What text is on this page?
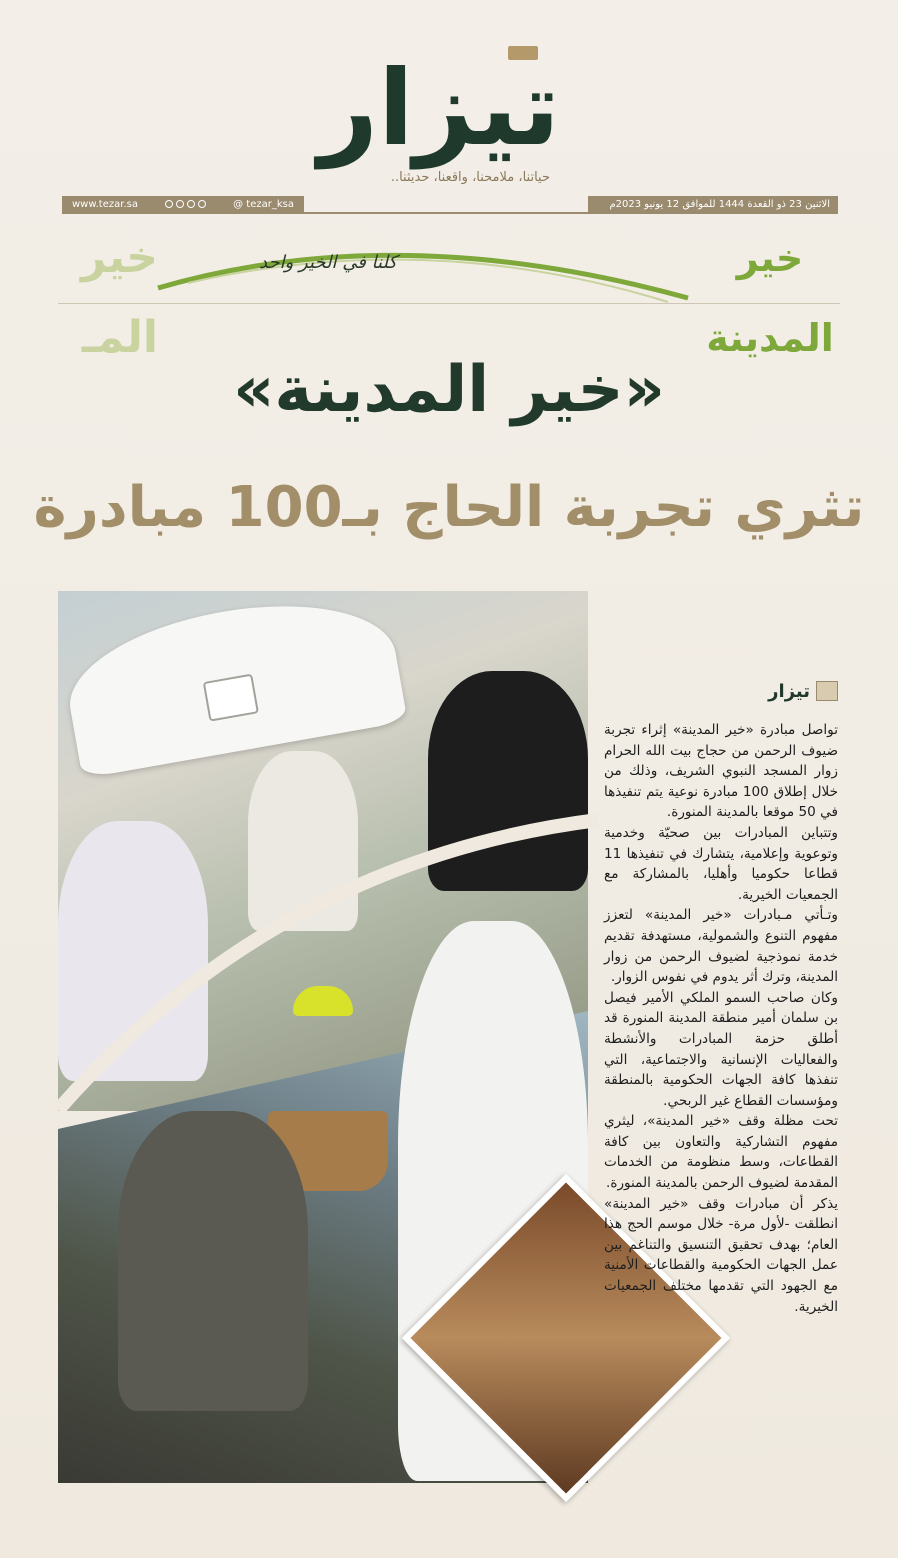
تيزار
حياتنا، ملامحنا، واقعنا، حديثنا..
www.tezar.sa	@ tezar_ksa	الاثنين 23 ذو القعدة 1444 للموافق 12 يونيو 2023م
خير المـ
كلنا في الخير واحد	خير المدينة
«خير المدينة»
تثري تجربة الحاج بـ100 مبادرة
تيزار

تواصل مبادرة «خير المدينة» إثراء تجربة ضيوف الرحمن من حجاج بيت الله الحرام زوار المسجد النبوي الشريف، وذلك من خلال إطلاق 100 مبادرة نوعية يتم تنفيذها في 50 موقعا بالمدينة المنورة.

وتتباين المبادرات بين صحيّة وخدمية وتوعوية وإعلامية، يتشارك في تنفيذها 11 قطاعا حكوميا وأهليا، بالمشاركة مع الجمعيات الخيرية.

وتـأتي مـبادرات «خير المدينة» لتعزز مفهوم التنوع والشمولية، مستهدفة تقديم خدمة نموذجية لضيوف الرحمن من زوار المدينة، وترك أثر يدوم في نفوس الزوار.

وكان صاحب السمو الملكي الأمير فيصل بن سلمان أمير منطقة المدينة المنورة قد أطلق حزمة المبادرات والأنشطة والفعاليات الإنسانية والاجتماعية، التي تنفذها كافة الجهات الحكومية بالمنطقة ومؤسسات القطاع غير الربحي.

تحت مظلة وقف «خير المدينة»، ليثري مفهوم التشاركية والتعاون بين كافة القطاعات، وسط منظومة من الخدمات المقدمة لضيوف الرحمن بالمدينة المنورة.

يذكر أن مبادرات وقف «خير المدينة» انطلقت -لأول مرة- خلال موسم الحج هذا العام؛ بهدف تحقيق التنسيق والتناغم بين عمل الجهات الحكومية والقطاعات الأمنية مع الجهود التي تقدمها مختلف الجمعيات الخيرية.
